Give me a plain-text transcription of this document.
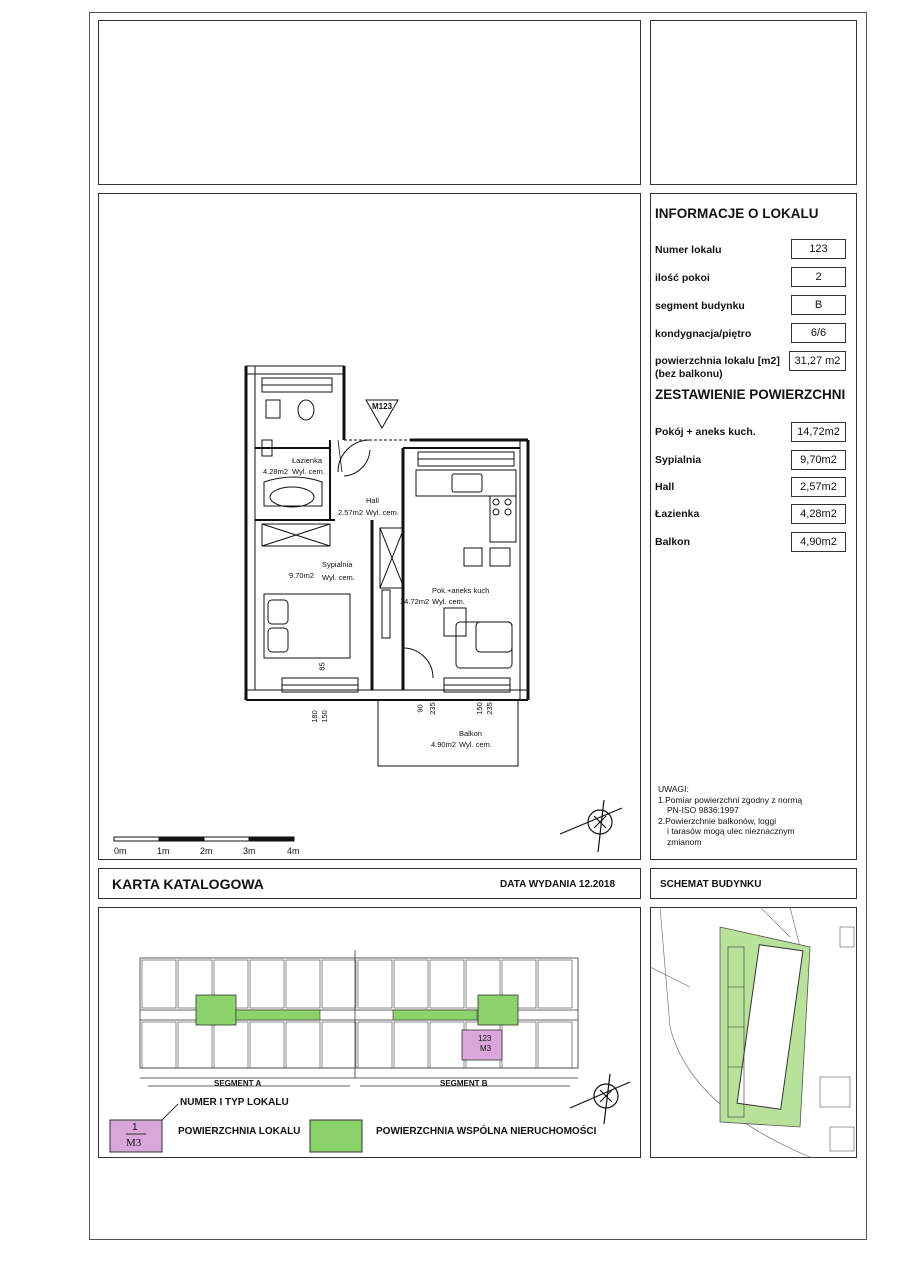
INFORMACJE O LOKALU
Numer lokalu	123
ilość pokoi	2
segment budynku	B
kondygnacja/piętro	6/6
powierzchnia lokalu [m2]
(bez balkonu)
31,27 m2
ZESTAWIENIE POWIERZCHNI
Pokój + aneks kuch.	14,72m2
Sypialnia	9,70m2
Hall	2,57m2
Łazienka	4,28m2
Balkon	4,90m2
UWAGI:
1.Pomiar powierzchni zgodny z normą
PN-ISO 9836:1997
2.Powierzchnie balkonów, loggi
i tarasów mogą ulec nieznacznym
zmianom
M123
Łazienka
4.28m2 Wyl. cem.
Hall
2.57m2 Wyl. cem.
Sypialnia
9.70m2 Wyl. cem.
Pok.+aneks kuch
14.72m2 Wyl. cem.
Balkon
4.90m2 Wyl. cem.
180 150
90 235	150 235
85
0m	1m	2m	3m	4m
KARTA KATALOGOWA	DATA WYDANIA 12.2018	SCHEMAT BUDYNKU
SEGMENT A	SEGMENT B
123
M3
NUMER I TYP LOKALU
1
M3
POWIERZCHNIA LOKALU	POWIERZCHNIA WSPÓLNA NIERUCHOMOŚCI
